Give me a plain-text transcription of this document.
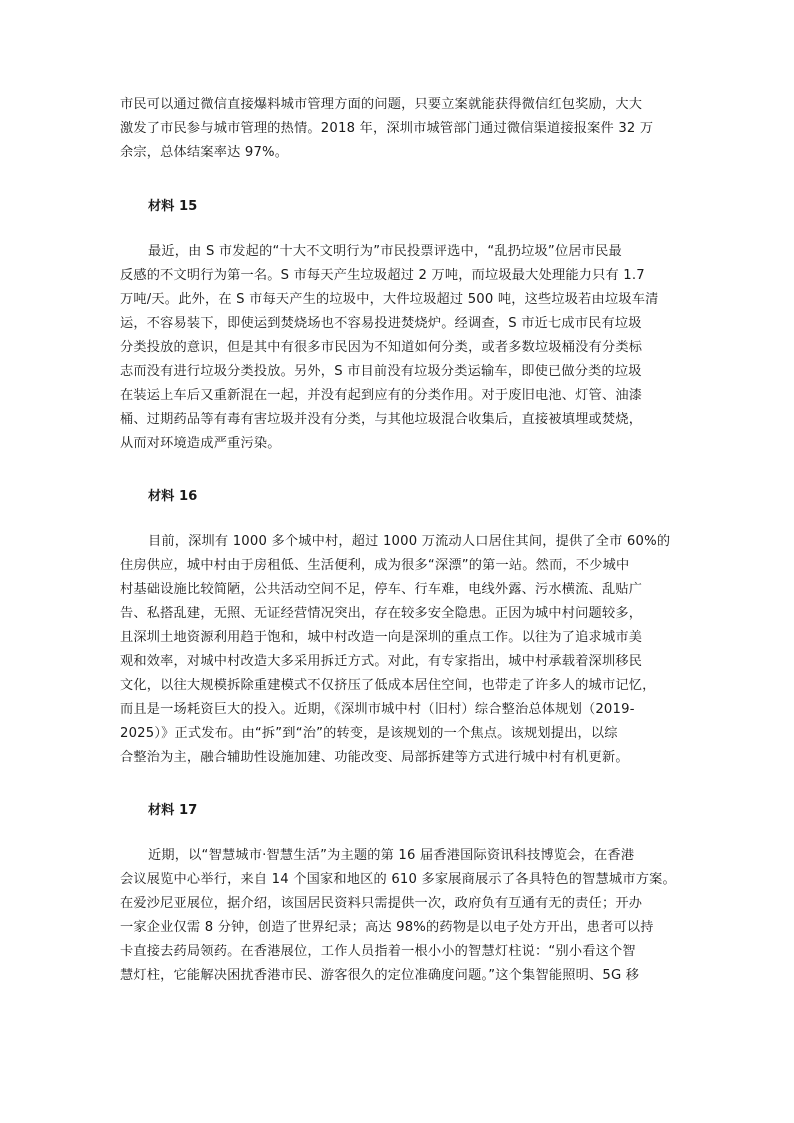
市民可以通过微信直接爆料城市管理方面的问题，只要立案就能获得微信红包奖励，大大
激发了市民参与城市管理的热情。2018 年，深圳市城管部门通过微信渠道接报案件 32 万
余宗，总体结案率达 97%。
材料 15
最近，由 S 市发起的“十大不文明行为”市民投票评选中，“乱扔垃圾”位居市民最
反感的不文明行为第一名。S 市每天产生垃圾超过 2 万吨，而垃圾最大处理能力只有 1.7
万吨/天。此外，在 S 市每天产生的垃圾中，大件垃圾超过 500 吨，这些垃圾若由垃圾车清
运，不容易装下，即使运到焚烧场也不容易投进焚烧炉。经调查，S 市近七成市民有垃圾
分类投放的意识，但是其中有很多市民因为不知道如何分类，或者多数垃圾桶没有分类标
志而没有进行垃圾分类投放。另外，S 市目前没有垃圾分类运输车，即使已做分类的垃圾
在装运上车后又重新混在一起，并没有起到应有的分类作用。对于废旧电池、灯管、油漆
桶、过期药品等有毒有害垃圾并没有分类，与其他垃圾混合收集后，直接被填埋或焚烧，
从而对环境造成严重污染。
材料 16
目前，深圳有 1000 多个城中村，超过 1000 万流动人口居住其间，提供了全市 60%的
住房供应，城中村由于房租低、生活便利，成为很多“深漂”的第一站。然而，不少城中
村基础设施比较简陋，公共活动空间不足，停车、行车难，电线外露、污水横流、乱贴广
告、私搭乱建，无照、无证经营情况突出，存在较多安全隐患。正因为城中村问题较多，
且深圳土地资源利用趋于饱和，城中村改造一向是深圳的重点工作。以往为了追求城市美
观和效率，对城中村改造大多采用拆迁方式。对此，有专家指出，城中村承载着深圳移民
文化，以往大规模拆除重建模式不仅挤压了低成本居住空间，也带走了许多人的城市记忆，
而且是一场耗资巨大的投入。近期，《深圳市城中村（旧村）综合整治总体规划（2019-
2025）》正式发布。由“拆”到“治”的转变，是该规划的一个焦点。该规划提出，以综
合整治为主，融合辅助性设施加建、功能改变、局部拆建等方式进行城中村有机更新。
材料 17
近期，以“智慧城市·智慧生活”为主题的第 16 届香港国际资讯科技博览会，在香港
会议展览中心举行，来自 14 个国家和地区的 610 多家展商展示了各具特色的智慧城市方案。
在爱沙尼亚展位，据介绍，该国居民资料只需提供一次，政府负有互通有无的责任；开办
一家企业仅需 8 分钟，创造了世界纪录；高达 98%的药物是以电子处方开出，患者可以持
卡直接去药局领药。在香港展位，工作人员指着一根小小的智慧灯柱说：“别小看这个智
慧灯柱，它能解决困扰香港市民、游客很久的定位准确度问题。”这个集智能照明、5G 移
